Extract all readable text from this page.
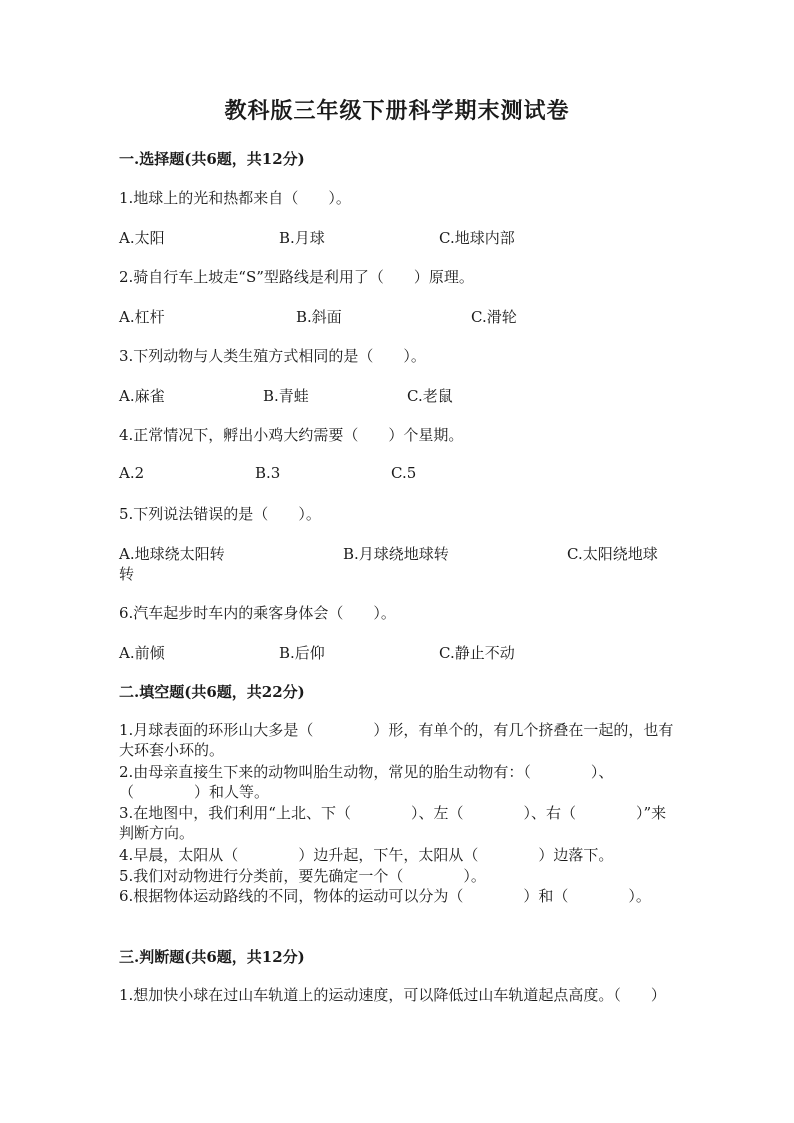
教科版三年级下册科学期末测试卷
一.选择题(共6题，共12分)
1.地球上的光和热都来自（　　）。
A.太阳	B.月球	C.地球内部
2.骑自行车上坡走“S”型路线是利用了（　　）原理。
A.杠杆	B.斜面	C.滑轮
3.下列动物与人类生殖方式相同的是（　　）。
A.麻雀	B.青蛙	C.老鼠
4.正常情况下，孵出小鸡大约需要（　　）个星期。
A.2	B.3	C.5
5.下列说法错误的是（　　）。
A.地球绕太阳转	B.月球绕地球转	C.太阳绕地球
转
6.汽车起步时车内的乘客身体会（　　）。
A.前倾	B.后仰	C.静止不动
二.填空题(共6题，共22分)
1.月球表面的环形山大多是（　　　　）形，有单个的，有几个挤叠在一起的，也有大环套小环的。
2.由母亲直接生下来的动物叫胎生动物，常见的胎生动物有：（　　　　）、（　　　　）和人等。
3.在地图中，我们利用“上北、下（　　　　）、左（　　　　）、右（　　　　）”来判断方向。
4.早晨，太阳从（　　　　）边升起，下午，太阳从（　　　　）边落下。
5.我们对动物进行分类前，要先确定一个（　　　　）。
6.根据物体运动路线的不同，物体的运动可以分为（　　　　）和（　　　　）。
三.判断题(共6题，共12分)
1.想加快小球在过山车轨道上的运动速度，可以降低过山车轨道起点高度。（　　）
